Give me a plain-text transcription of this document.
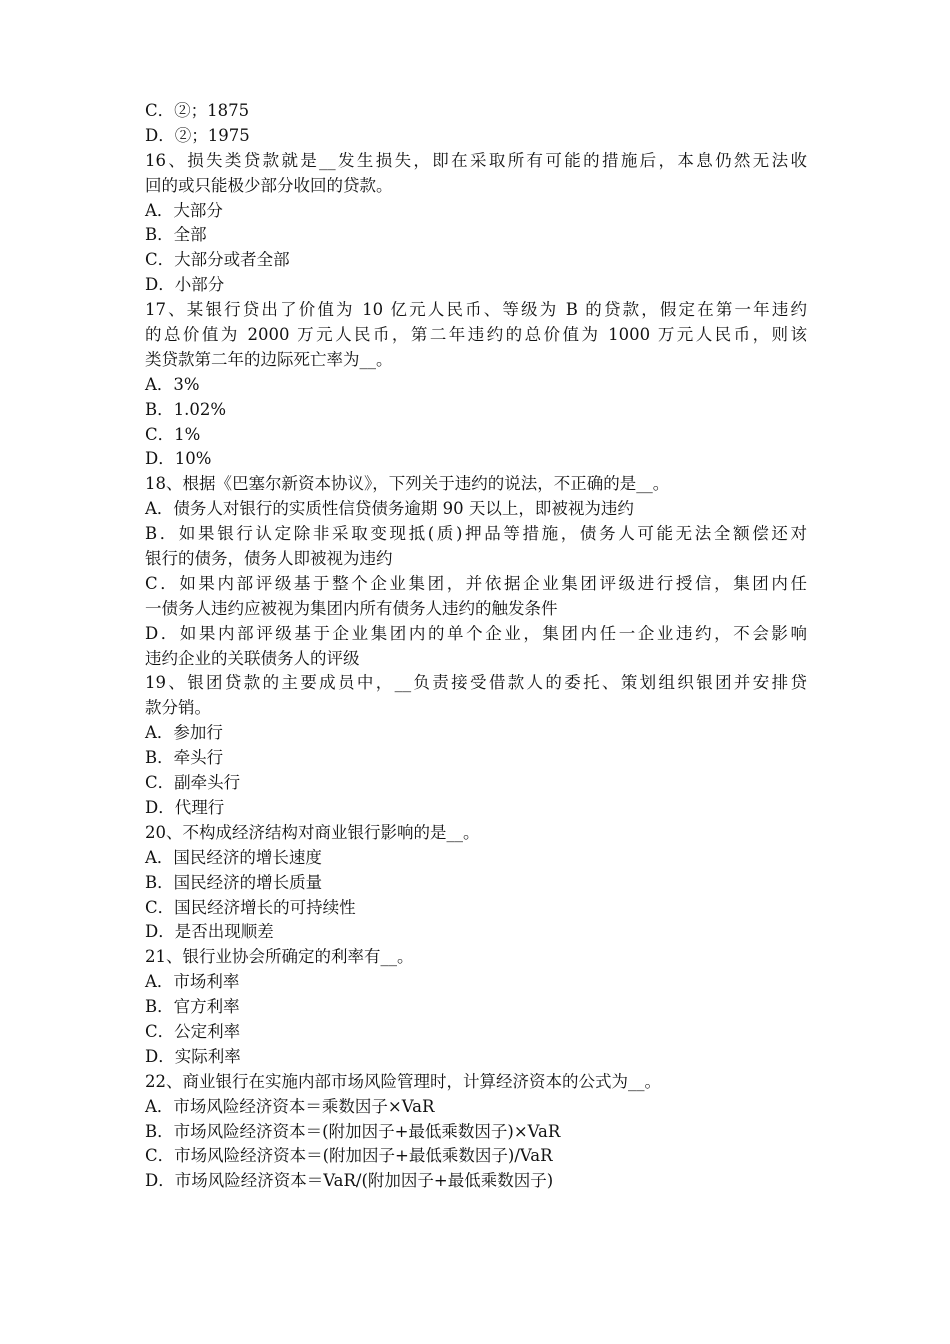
C．②；1875
D．②；1975
16、损失类贷款就是__发生损失，即在采取所有可能的措施后，本息仍然无法收
回的或只能极少部分收回的贷款。
A．大部分
B．全部
C．大部分或者全部
D．小部分
17、某银行贷出了价值为 10 亿元人民币、等级为 B 的贷款，假定在第一年违约
的总价值为 2000 万元人民币，第二年违约的总价值为 1000 万元人民币，则该
类贷款第二年的边际死亡率为__。
A．3%
B．1.02%
C．1%
D．10%
18、根据《巴塞尔新资本协议》，下列关于违约的说法，不正确的是__。
A．债务人对银行的实质性信贷债务逾期 90 天以上，即被视为违约
B．如果银行认定除非采取变现抵(质)押品等措施，债务人可能无法全额偿还对
银行的债务，债务人即被视为违约
C．如果内部评级基于整个企业集团，并依据企业集团评级进行授信，集团内任
一债务人违约应被视为集团内所有债务人违约的触发条件
D．如果内部评级基于企业集团内的单个企业，集团内任一企业违约，不会影响
违约企业的关联债务人的评级
19、银团贷款的主要成员中，__负责接受借款人的委托、策划组织银团并安排贷
款分销。
A．参加行
B．牵头行
C．副牵头行
D．代理行
20、不构成经济结构对商业银行影响的是__。
A．国民经济的增长速度
B．国民经济的增长质量
C．国民经济增长的可持续性
D．是否出现顺差
21、银行业协会所确定的利率有__。
A．市场利率
B．官方利率
C．公定利率
D．实际利率
22、商业银行在实施内部市场风险管理时，计算经济资本的公式为__。
A．市场风险经济资本＝乘数因子×VaR
B．市场风险经济资本＝(附加因子+最低乘数因子)×VaR
C．市场风险经济资本＝(附加因子+最低乘数因子)/VaR
D．市场风险经济资本＝VaR/(附加因子+最低乘数因子)
